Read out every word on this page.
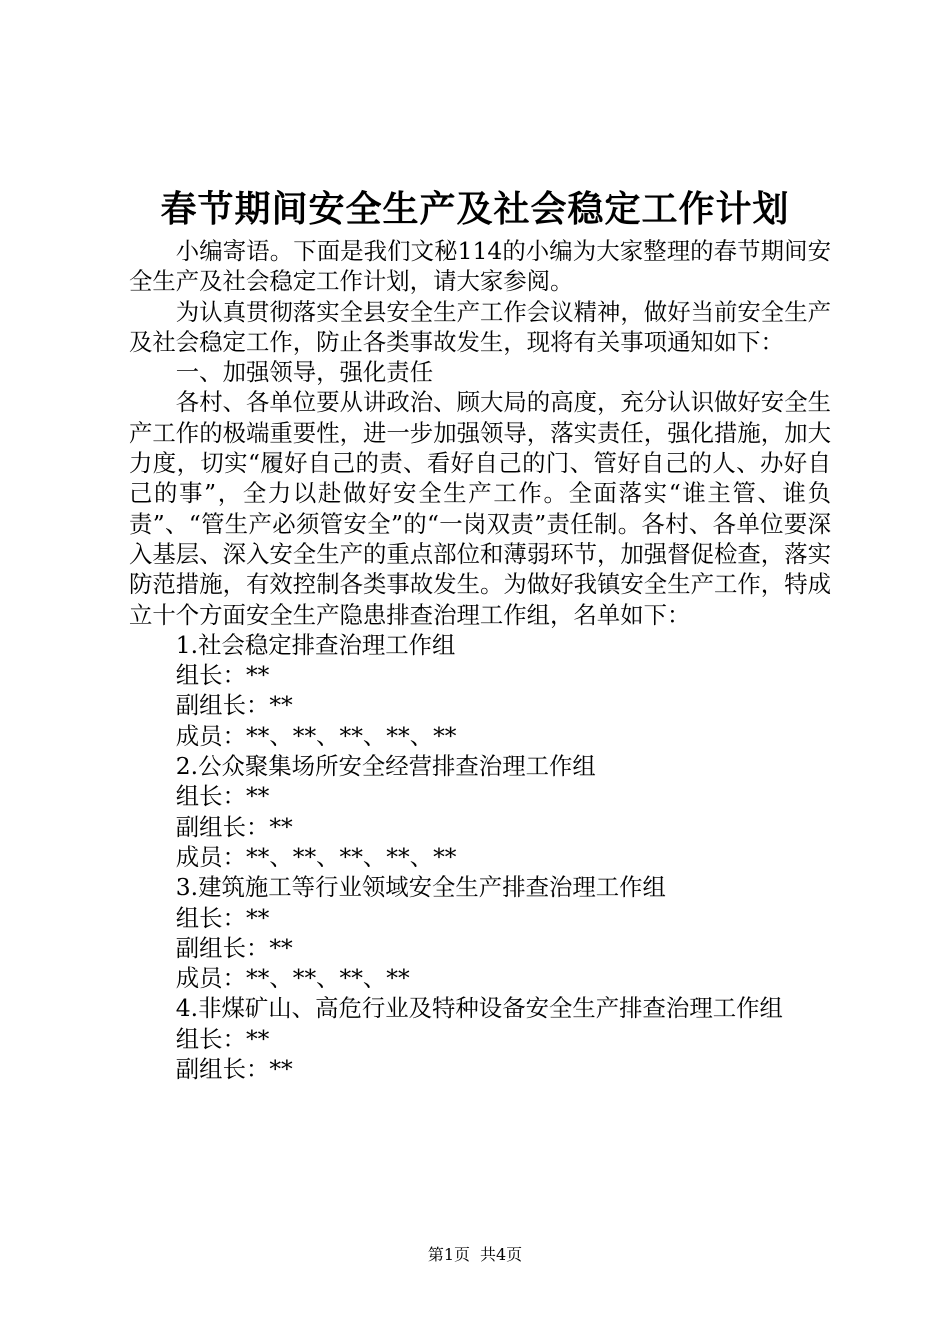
春节期间安全生产及社会稳定工作计划

小编寄语。下面是我们文秘114的小编为大家整理的春节期间安全生产及社会稳定工作计划，请大家参阅。

为认真贯彻落实全县安全生产工作会议精神，做好当前安全生产及社会稳定工作，防止各类事故发生，现将有关事项通知如下：

一、加强领导，强化责任

各村、各单位要从讲政治、顾大局的高度，充分认识做好安全生产工作的极端重要性，进一步加强领导，落实责任，强化措施，加大力度，切实“履好自己的责、看好自己的门、管好自己的人、办好自己的事”，全力以赴做好安全生产工作。全面落实“谁主管、谁负责”、“管生产必须管安全”的“一岗双责”责任制。各村、各单位要深入基层、深入安全生产的重点部位和薄弱环节，加强督促检查，落实防范措施，有效控制各类事故发生。为做好我镇安全生产工作，特成立十个方面安全生产隐患排查治理工作组，名单如下：

1.社会稳定排查治理工作组

组长：**

副组长：**

成员：**、**、**、**、**

2.公众聚集场所安全经营排查治理工作组

组长：**

副组长：**

成员：**、**、**、**、**

3.建筑施工等行业领域安全生产排查治理工作组

组长：**

副组长：**

成员：**、**、**、**

4.非煤矿山、高危行业及特种设备安全生产排查治理工作组

组长：**

副组长：**

第1页 共4页
